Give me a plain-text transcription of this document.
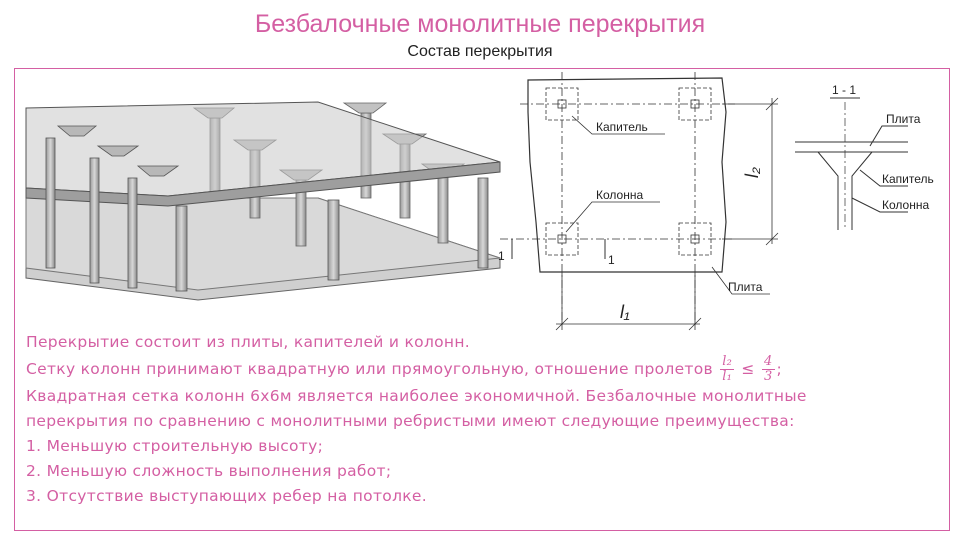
Безбалочные монолитные перекрытия
Состав перекрытия
Капитель
Колонна
Плита
l₂
l₁
1	1
1 - 1
Плита
Капитель
Колонна
Перекрытие состоит из плиты, капителей и колонн.
Сетку колонн принимают квадратную или прямоугольную, отношение пролетов $\frac{\text{l₂}}{\text{l₁}} \le \frac{4}{3}$ ;
Квадратная сетка колонн 6х6м является наиболее экономичной. Безбалочные монолитные
перекрытия по сравнению с монолитными ребристыми имеют следующие преимущества:
1. Меньшую строительную высоту;
2. Меньшую сложность выполнения работ;
3. Отсутствие выступающих ребер на потолке.
